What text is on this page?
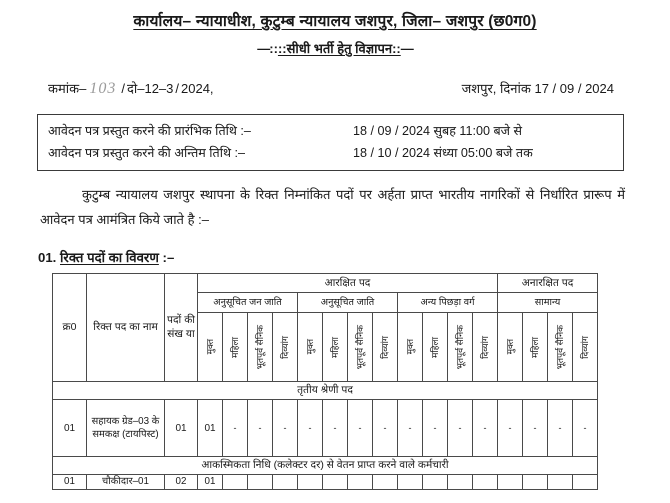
कार्यालय– न्यायाधीश, कुटुम्ब न्यायालय जशपुर, जिला– जशपुर (छ0ग0)
—::::सीधी भर्ती हेतु विज्ञापन::—
कमांक– 103 / दो–12–3 / 2024,	जशपुर, दिनांक 17 / 09 / 2024
आवेदन पत्र प्रस्तुत करने की प्रारंभिक तिथि :–	18 / 09 / 2024 सुबह 11:00 बजे से
आवेदन पत्र प्रस्तुत करने की अन्तिम तिथि :–	18 / 10 / 2024 संध्या 05:00 बजे तक
कुटुम्ब न्यायालय जशपुर स्थापना के रिक्त निम्नांकित पदों पर अर्हता प्राप्त भारतीय नागरिकों से निर्धारित प्रारूप में आवेदन पत्र आमंत्रित किये जाते है :–
01. रिक्त पदों का विवरण :–
क्र0	रिक्त पद का नाम	पदों की संख या	आरक्षित पद												अनारक्षित पद			
			अनुसूचित जन जाति				अनुसूचित जाति				अन्य पिछड़ा वर्ग				सामान्य			

			मुक्त	महिला	भूतपूर्व सैनिक	दिव्यांग	मुक्त	महिला	भूतपूर्व सैनिक	दिव्यांग	मुक्त	महिला	भूतपूर्व सैनिक	दिव्यांग	मुक्त	महिला	भूतपूर्व सैनिक	दिव्यांग

तृतीय श्रेणी पद																		
01	सहायक ग्रेड–03 के समकक्ष (टायपिस्ट)	01	01	-	-	-	-	-	-	-	-	-	-	-	-	-	-	-
आकस्मिकता निधि (कलेक्टर दर) से वेतन प्राप्त करने वाले कर्मचारी																		
01	चौकीदार–01	02	01															
